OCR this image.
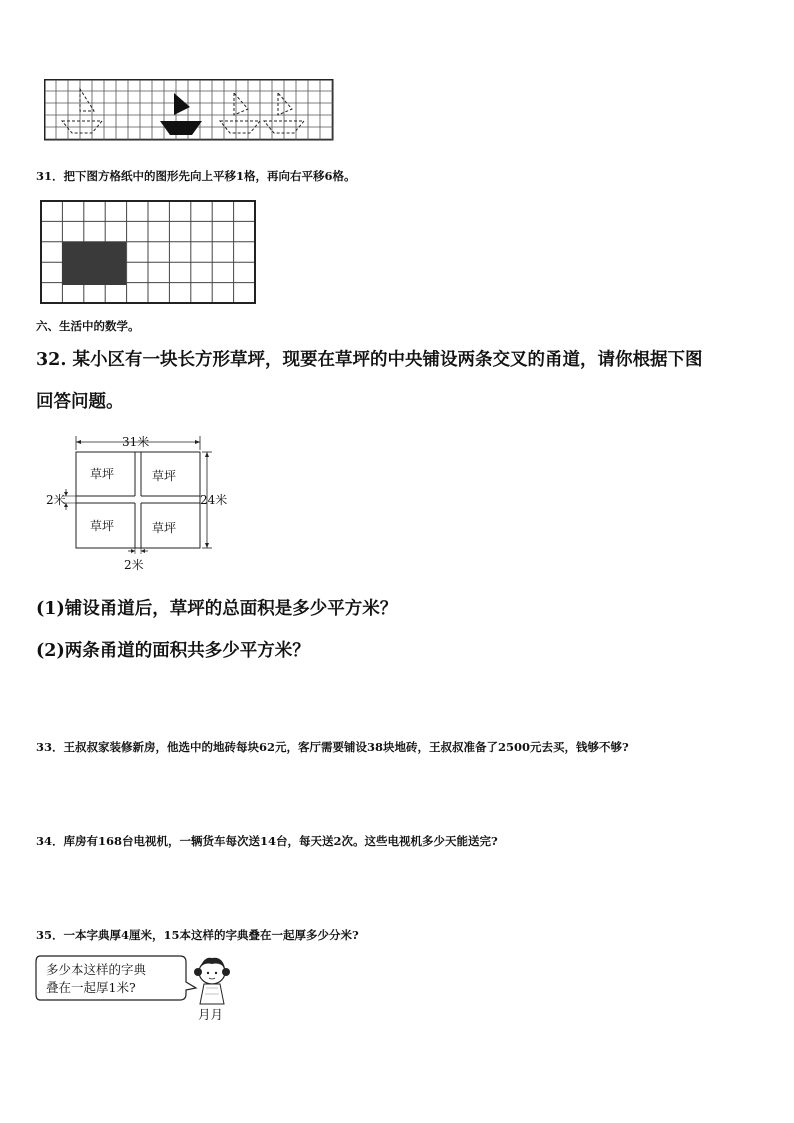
31．把下图方格纸中的图形先向上平移1格，再向右平移6格。
六、生活中的数学。
32. 某小区有一块长方形草坪，现要在草坪的中央铺设两条交叉的甬道，请你根据下图
回答问题。
31米
24米
草坪	草坪
草坪	草坪
2米
2米
(1)铺设甬道后，草坪的总面积是多少平方米？
(2)两条甬道的面积共多少平方米？
33．王叔叔家装修新房，他选中的地砖每块62元，客厅需要铺设38块地砖，王叔叔准备了2500元去买，钱够不够?
34．库房有168台电视机，一辆货车每次送14台，每天送2次。这些电视机多少天能送完?
35．一本字典厚4厘米，15本这样的字典叠在一起厚多少分米?
多少本这样的字典
叠在一起厚1米?
月月
